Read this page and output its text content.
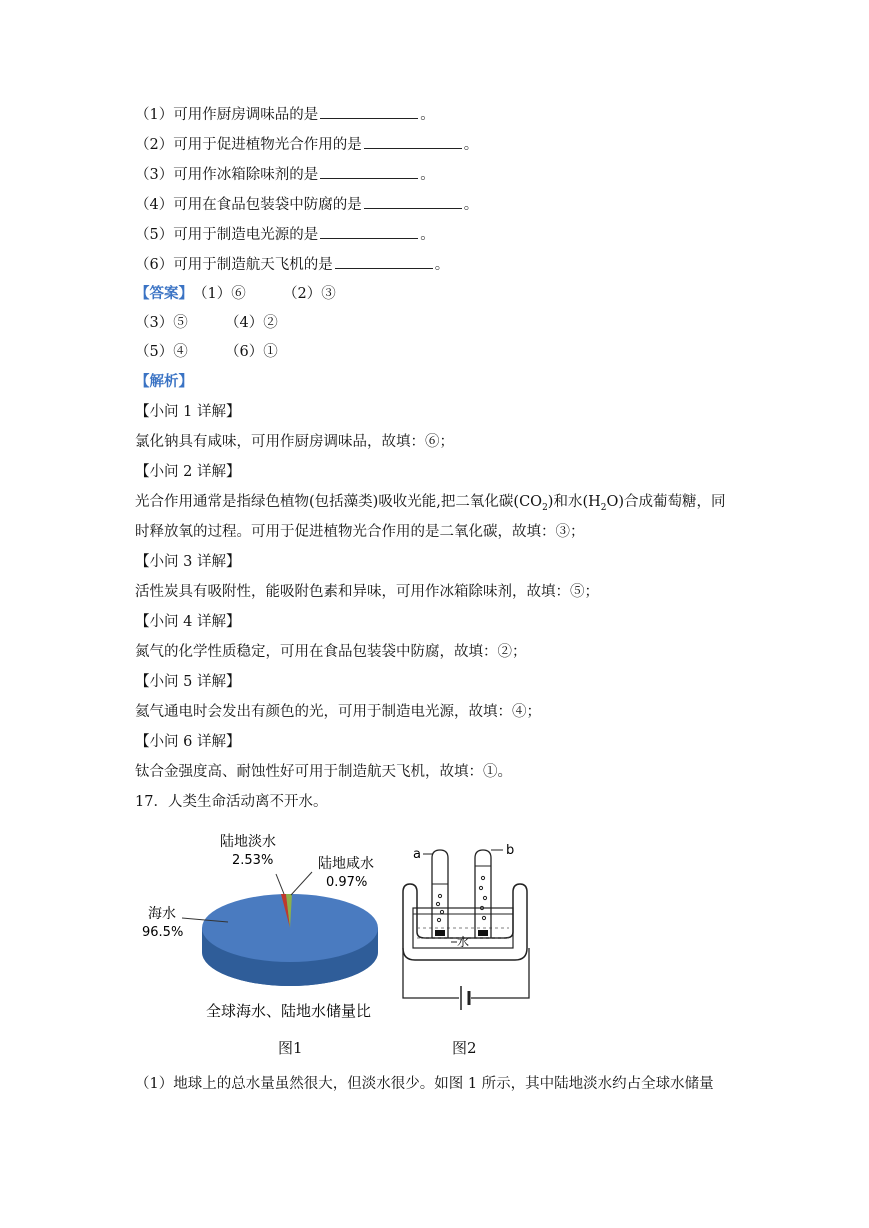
（1）可用作厨房调味品的是	。
（2）可用于促进植物光合作用的是	。
（3）可用作冰箱除味剂的是	。
（4）可用在食品包装袋中防腐的是	。
（5）可用于制造电光源的是	。
（6）可用于制造航天飞机的是	。
【答案】（1）⑥	（2）③
（3）⑤	（4）②
（5）④	（6）①
【解析】
【小问 1 详解】
氯化钠具有咸味，可用作厨房调味品，故填：⑥；
【小问 2 详解】
光合作用通常是指绿色植物(包括藻类)吸收光能,把二氧化碳$(CO_2)$和水$(H_2O)$合成葡萄糖，同
时释放氧的过程。可用于促进植物光合作用的是二氧化碳，故填：③；
【小问 3 详解】
活性炭具有吸附性，能吸附色素和异味，可用作冰箱除味剂，故填：⑤；
【小问 4 详解】
氮气的化学性质稳定，可用在食品包装袋中防腐，故填：②；
【小问 5 详解】
氦气通电时会发出有颜色的光，可用于制造电光源，故填：④；
【小问 6 详解】
钛合金强度高、耐蚀性好可用于制造航天飞机，故填：①。
17．人类生命活动离不开水。
陆地淡水
2.53%	陆地咸水
0.97%
海水
96.5%
全球海水、陆地水储量比
a	b
水
图1	图2
（1）地球上的总水量虽然很大，但淡水很少。如图 1 所示，其中陆地淡水约占全球水储量
